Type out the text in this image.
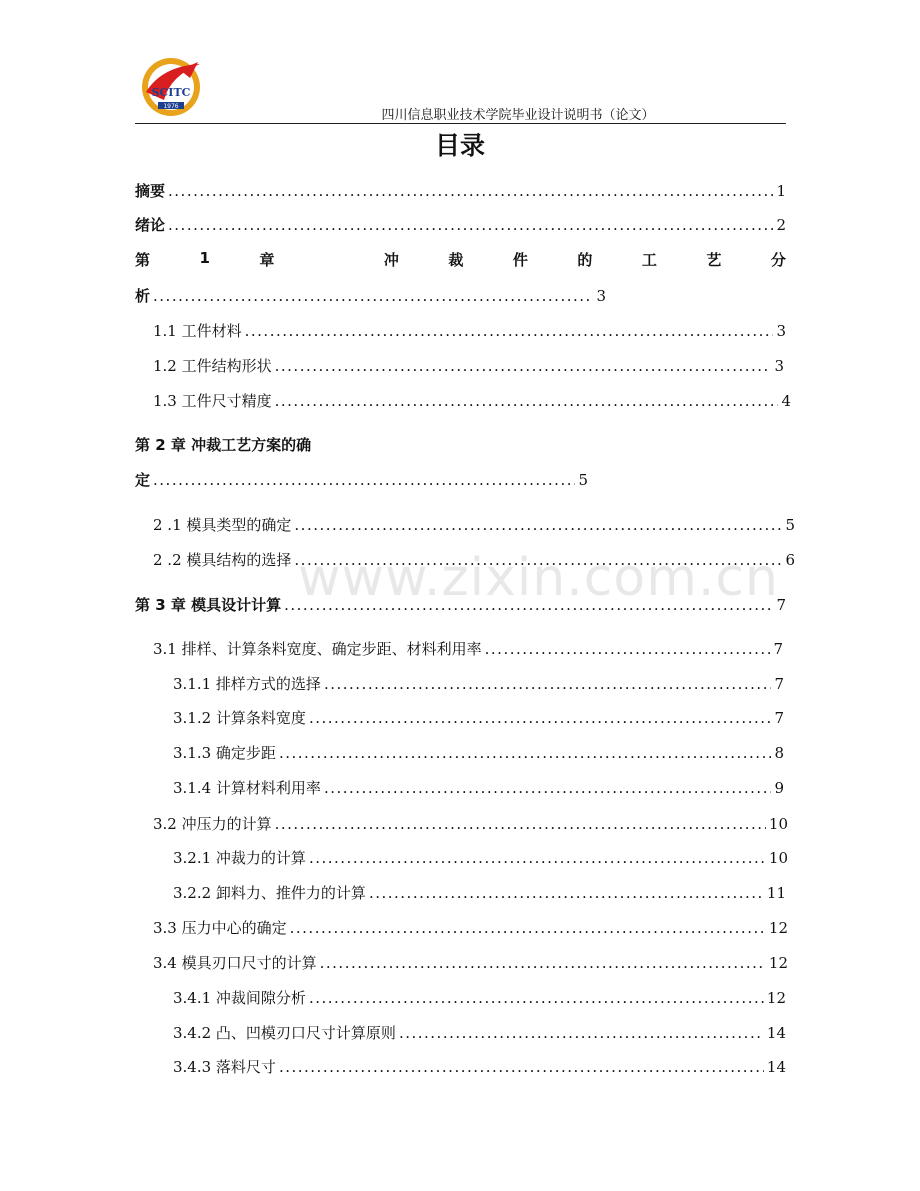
SCITC
1976
四川信息职业技术学院毕业设计说明书（论文）
目录
摘要 .....	1
绪论 .....	2
第	1	章	冲	裁	件	的	工	艺	分
析 .....	3
1.1 工件材料 .....	3
1.2 工件结构形状 .....	3
1.3 工件尺寸精度 .....	4
第 2 章 冲裁工艺方案的确
定 .....	5
2 .1 模具类型的确定 .....	5
2 .2 模具结构的选择 .....	6
第 3 章 模具设计计算 .....	7
3.1 排样、计算条料宽度、确定步距、材料利用率 .....	7
3.1.1 排样方式的选择 .....	7
3.1.2 计算条料宽度 .....	7
3.1.3 确定步距 .....	8
3.1.4 计算材料利用率 .....	9
3.2 冲压力的计算 .....	10
3.2.1 冲裁力的计算 .....	10
3.2.2 卸料力、推件力的计算 .....	11
3.3 压力中心的确定 .....	12
3.4 模具刃口尺寸的计算 .....	12
3.4.1 冲裁间隙分析 .....	12
3.4.2 凸、凹模刃口尺寸计算原则 .....	14
3.4.3 落料尺寸 .....	14
www.zixin.com.cn
